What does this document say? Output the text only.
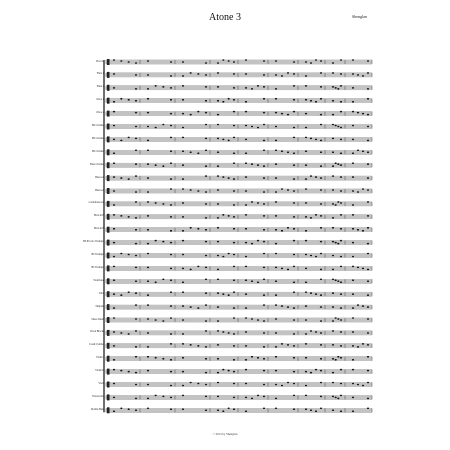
Atone 3	Shenglan
Piccolo
Flute 1
Flute 2
Oboe 1
Oboe 2
Bb Clarinet
Bb Clarinet
Bb Clarinet
Bass Clarinet
Bassoon
Bassoon
Contrabassoon
Horn in F
Horn in F
Bb Piccolo Trumpet
Bb Trumpet
Bb Trumpet
Trombone
Tuba
Timpani
Snare Drum
Wood Blocks
Crash Cymbal
Violin I
Violin II
Viola
Violoncello
Double Bass
© 2013 by Shenglan
